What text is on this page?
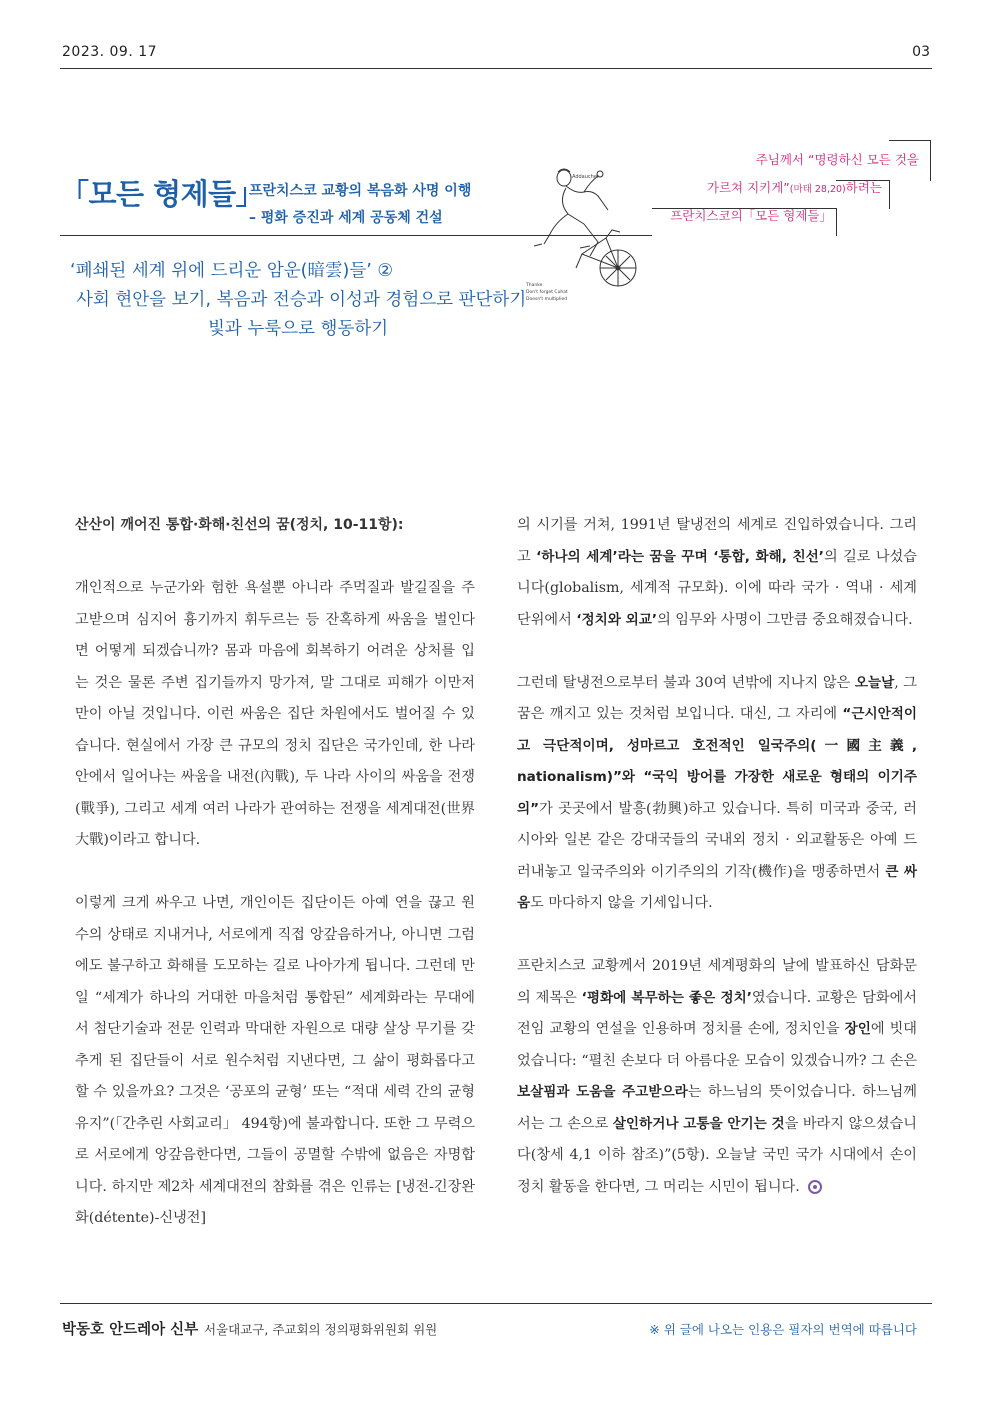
2023. 09. 17	03
주님께서 “명령하신 모든 것을
가르쳐 지키게”(마태 28,20)하려는
프란치스코의「모든 형제들」
「모든 형제들」
프란치스코 교황의 복음화 사명 이행
– 평화 증진과 세계 공동체 건설
Addaucher
Thanke
Don't forget Cuhat
Doesn't multiplied
‘폐쇄된 세계 위에 드리운 암운(暗雲)들’ ②
사회 현안을 보기, 복음과 전승과 이성과 경험으로 판단하기
빛과 누룩으로 행동하기

산산이 깨어진 통합·화해·친선의 꿈(정치, 10-11항):

개인적으로 누군가와 험한 욕설뿐 아니라 주먹질과 발길질을 주고받으며 심지어 흉기까지 휘두르는 등 잔혹하게 싸움을 벌인다면 어떻게 되겠습니까? 몸과 마음에 회복하기 어려운 상처를 입는 것은 물론 주변 집기들까지 망가져, 말 그대로 피해가 이만저만이 아닐 것입니다. 이런 싸움은 집단 차원에서도 벌어질 수 있습니다. 현실에서 가장 큰 규모의 정치 집단은 국가인데, 한 나라 안에서 일어나는 싸움을 내전(內戰), 두 나라 사이의 싸움을 전쟁(戰爭), 그리고 세계 여러 나라가 관여하는 전쟁을 세계대전(世界大戰)이라고 합니다.

이렇게 크게 싸우고 나면, 개인이든 집단이든 아예 연을 끊고 원수의 상태로 지내거나, 서로에게 직접 앙갚음하거나, 아니면 그럼에도 불구하고 화해를 도모하는 길로 나아가게 됩니다. 그런데 만일 “세계가 하나의 거대한 마을처럼 통합된” 세계화라는 무대에서 첨단기술과 전문 인력과 막대한 자원으로 대량 살상 무기를 갖추게 된 집단들이 서로 원수처럼 지낸다면, 그 삶이 평화롭다고 할 수 있을까요? 그것은 ‘공포의 균형’ 또는 “적대 세력 간의 균형 유지”(「간추린 사회교리」 494항)에 불과합니다. 또한 그 무력으로 서로에게 앙갚음한다면, 그들이 공멸할 수밖에 없음은 자명합니다. 하지만 제2차 세계대전의 참화를 겪은 인류는 [냉전-긴장완화(détente)-신냉전]

의 시기를 거쳐, 1991년 탈냉전의 세계로 진입하였습니다. 그리고 ‘하나의 세계’라는 꿈을 꾸며 ‘통합, 화해, 친선’의 길로 나섰습니다(globalism, 세계적 규모화). 이에 따라 국가 · 역내 · 세계 단위에서 ‘정치와 외교’의 임무와 사명이 그만큼 중요해졌습니다.

그런데 탈냉전으로부터 불과 30여 년밖에 지나지 않은 오늘날, 그 꿈은 깨지고 있는 것처럼 보입니다. 대신, 그 자리에 “근시안적이고 극단적이며, 성마르고 호전적인 일국주의(一國主義, nationalism)”와 “국익 방어를 가장한 새로운 형태의 이기주의”가 곳곳에서 발흥(勃興)하고 있습니다. 특히 미국과 중국, 러시아와 일본 같은 강대국들의 국내외 정치 · 외교활동은 아예 드러내놓고 일국주의와 이기주의의 기작(機作)을 맹종하면서 큰 싸움도 마다하지 않을 기세입니다.

프란치스코 교황께서 2019년 세계평화의 날에 발표하신 담화문의 제목은 ‘평화에 복무하는 좋은 정치’였습니다. 교황은 담화에서 전임 교황의 연설을 인용하며 정치를 손에, 정치인을 장인에 빗대었습니다: “펼친 손보다 더 아름다운 모습이 있겠습니까? 그 손은 보살핌과 도움을 주고받으라는 하느님의 뜻이었습니다. 하느님께서는 그 손으로 살인하거나 고통을 안기는 것을 바라지 않으셨습니다(창세 4,1 이하 참조)”(5항). 오늘날 국민 국가 시대에서 손이 정치 활동을 한다면, 그 머리는 시민이 됩니다.

박동호 안드레아 신부 서울대교구, 주교회의 정의평화위원회 위원	※ 위 글에 나오는 인용은 필자의 번역에 따릅니다
